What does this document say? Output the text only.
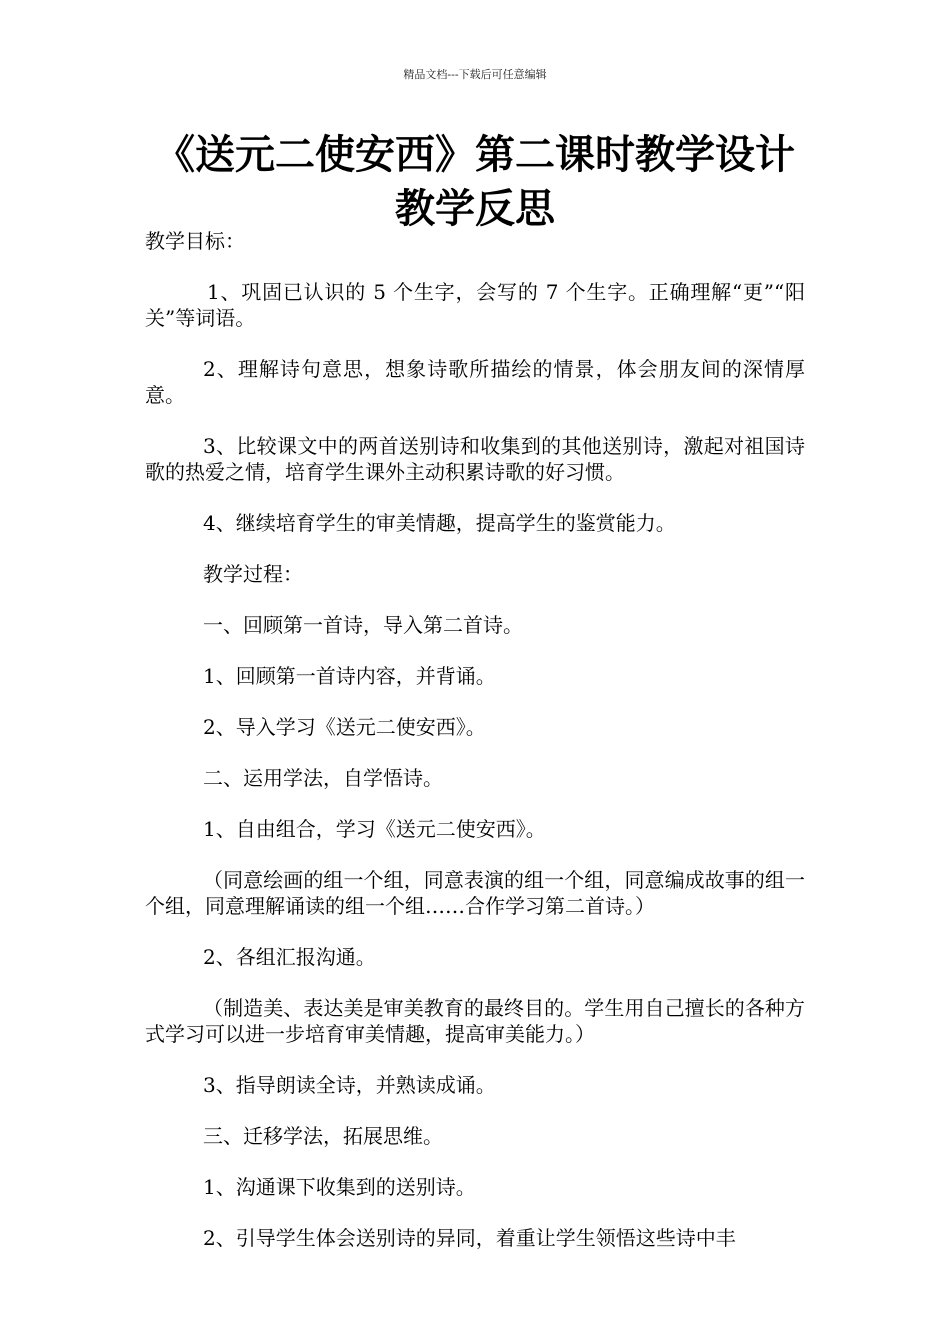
精品文档---下载后可任意编辑
《送元二使安西》第二课时教学设计教学反思

教学目标：

1、巩固已认识的 5 个生字，会写的 7 个生字。正确理解“更”“阳关”等词语。

2、理解诗句意思，想象诗歌所描绘的情景，体会朋友间的深情厚意。

3、比较课文中的两首送别诗和收集到的其他送别诗，激起对祖国诗歌的热爱之情，培育学生课外主动积累诗歌的好习惯。

4、继续培育学生的审美情趣，提高学生的鉴赏能力。

教学过程：

一、回顾第一首诗，导入第二首诗。

1、回顾第一首诗内容，并背诵。

2、导入学习《送元二使安西》。

二、运用学法，自学悟诗。

1、自由组合，学习《送元二使安西》。

（同意绘画的组一个组，同意表演的组一个组，同意编成故事的组一个组，同意理解诵读的组一个组……合作学习第二首诗。）

2、各组汇报沟通。

（制造美、表达美是审美教育的最终目的。学生用自己擅长的各种方式学习可以进一步培育审美情趣，提高审美能力。）

3、指导朗读全诗，并熟读成诵。

三、迁移学法，拓展思维。

1、沟通课下收集到的送别诗。

2、引导学生体会送别诗的异同，着重让学生领悟这些诗中丰
